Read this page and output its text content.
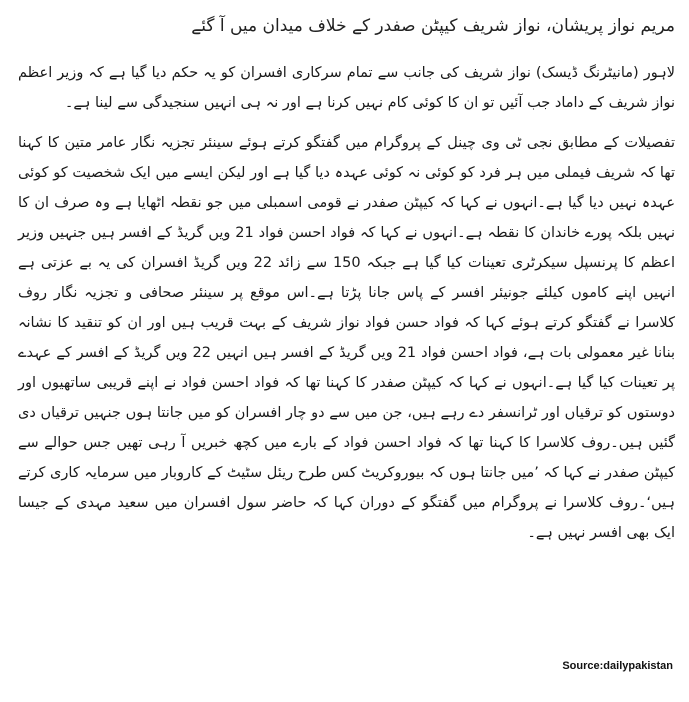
مریم نواز پریشان، نواز شریف کیپٹن صفدر کے خلاف میدان میں آ گئے

لاہور (مانیٹرنگ ڈیسک) نواز شریف کی جانب سے تمام سرکاری افسران کو یہ حکم دیا گیا ہے کہ وزیر اعظم نواز شریف کے داماد جب آئیں تو ان کا کوئی کام نہیں کرنا ہے اور نہ ہی انہیں سنجیدگی سے لینا ہے۔

تفصیلات کے مطابق نجی ٹی وی چینل کے پروگرام میں گفتگو کرتے ہوئے سینئر تجزیہ نگار عامر متین کا کہنا تھا کہ شریف فیملی میں ہر فرد کو کوئی نہ کوئی عہدہ دیا گیا ہے اور لیکن ایسے میں ایک شخصیت کو کوئی عہدہ نہیں دیا گیا ہے۔انہوں نے کہا کہ کیپٹن صفدر نے قومی اسمبلی میں جو نقطہ اٹھایا ہے وہ صرف ان کا نہیں بلکہ پورے خاندان کا نقطہ ہے۔انہوں نے کہا کہ فواد احسن فواد 21 ویں گریڈ کے افسر ہیں جنہیں وزیر اعظم کا پرنسپل سیکرٹری تعینات کیا گیا ہے جبکہ 150 سے زائد 22 ویں گریڈ افسران کی یہ بے عزتی ہے انہیں اپنے کاموں کیلئے جونیئر افسر کے پاس جانا پڑتا ہے۔اس موقع پر سینئر صحافی و تجزیہ نگار روف کلاسرا نے گفتگو کرتے ہوئے کہا کہ فواد حسن فواد نواز شریف کے بہت قریب ہیں اور ان کو تنقید کا نشانہ بنانا غیر معمولی بات ہے، فواد احسن فواد 21 ویں گریڈ کے افسر ہیں انہیں 22 ویں گریڈ کے افسر کے عہدے پر تعینات کیا گیا ہے۔انہوں نے کہا کہ کیپٹن صفدر کا کہنا تھا کہ فواد احسن فواد نے اپنے قریبی ساتھیوں اور دوستوں کو ترقیاں اور ٹرانسفر دے رہے ہیں، جن میں سے دو چار افسران کو میں جانتا ہوں جنہیں ترقیاں دی گئیں ہیں۔روف کلاسرا کا کہنا تھا کہ فواد احسن فواد کے بارے میں کچھ خبریں آ رہی تھیں جس حوالے سے کیپٹن صفدر نے کہا کہ ’میں جانتا ہوں کہ بیوروکریٹ کس طرح ریئل سٹیٹ کے کاروبار میں سرمایہ کاری کرتے ہیں‘۔روف کلاسرا نے پروگرام میں گفتگو کے دوران کہا کہ حاضر سول افسران میں سعید مہدی کے جیسا ایک بھی افسر نہیں ہے۔

Source:dailypakistan
